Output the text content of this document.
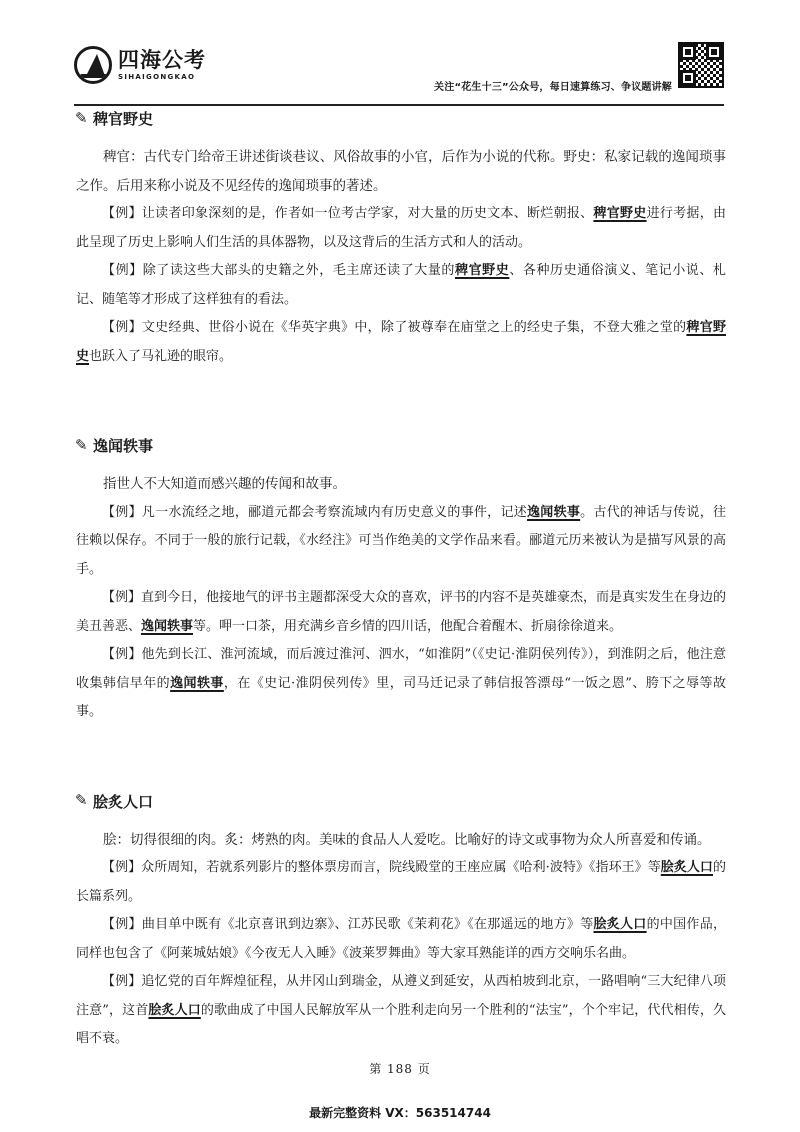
四海公考
SIHAIGONGKAO
关注“花生十三”公众号，每日速算练习、争议题讲解
✎
稗官野史

稗官：古代专门给帝王讲述街谈巷议、风俗故事的小官，后作为小说的代称。野史：私家记载的逸闻琐事之作。后用来称小说及不见经传的逸闻琐事的著述。

【例】让读者印象深刻的是，作者如一位考古学家，对大量的历史文本、断烂朝报、稗官野史进行考据，由此呈现了历史上影响人们生活的具体器物，以及这背后的生活方式和人的活动。

【例】除了读这些大部头的史籍之外，毛主席还读了大量的稗官野史、各种历史通俗演义、笔记小说、札记、随笔等才形成了这样独有的看法。

【例】文史经典、世俗小说在《华英字典》中，除了被尊奉在庙堂之上的经史子集，不登大雅之堂的稗官野史也跃入了马礼逊的眼帘。

✎
逸闻轶事

指世人不大知道而感兴趣的传闻和故事。

【例】凡一水流经之地，郦道元都会考察流域内有历史意义的事件，记述逸闻轶事。古代的神话与传说，往往赖以保存。不同于一般的旅行记载，《水经注》可当作绝美的文学作品来看。郦道元历来被认为是描写风景的高手。

【例】直到今日，他接地气的评书主题都深受大众的喜欢，评书的内容不是英雄豪杰，而是真实发生在身边的美丑善恶、逸闻轶事等。呷一口茶，用充满乡音乡情的四川话，他配合着醒木、折扇徐徐道来。

【例】他先到长江、淮河流域，而后渡过淮河、泗水，“如淮阴”（《史记·淮阴侯列传》），到淮阴之后，他注意收集韩信早年的逸闻轶事，在《史记·淮阴侯列传》里，司马迁记录了韩信报答漂母“一饭之恩”、胯下之辱等故事。

✎
脍炙人口

脍：切得很细的肉。炙：烤熟的肉。美味的食品人人爱吃。比喻好的诗文或事物为众人所喜爱和传诵。

【例】众所周知，若就系列影片的整体票房而言，院线殿堂的王座应属《哈利·波特》《指环王》等脍炙人口的长篇系列。

【例】曲目单中既有《北京喜讯到边寨》、江苏民歌《茉莉花》《在那遥远的地方》等脍炙人口的中国作品，同样也包含了《阿莱城姑娘》《今夜无人入睡》《波莱罗舞曲》等大家耳熟能详的西方交响乐名曲。

【例】追忆党的百年辉煌征程，从井冈山到瑞金，从遵义到延安，从西柏坡到北京，一路唱响“三大纪律八项注意”，这首脍炙人口的歌曲成了中国人民解放军从一个胜利走向另一个胜利的“法宝”，个个牢记，代代相传，久唱不衰。

第 188 页
最新完整资料 VX：563514744
